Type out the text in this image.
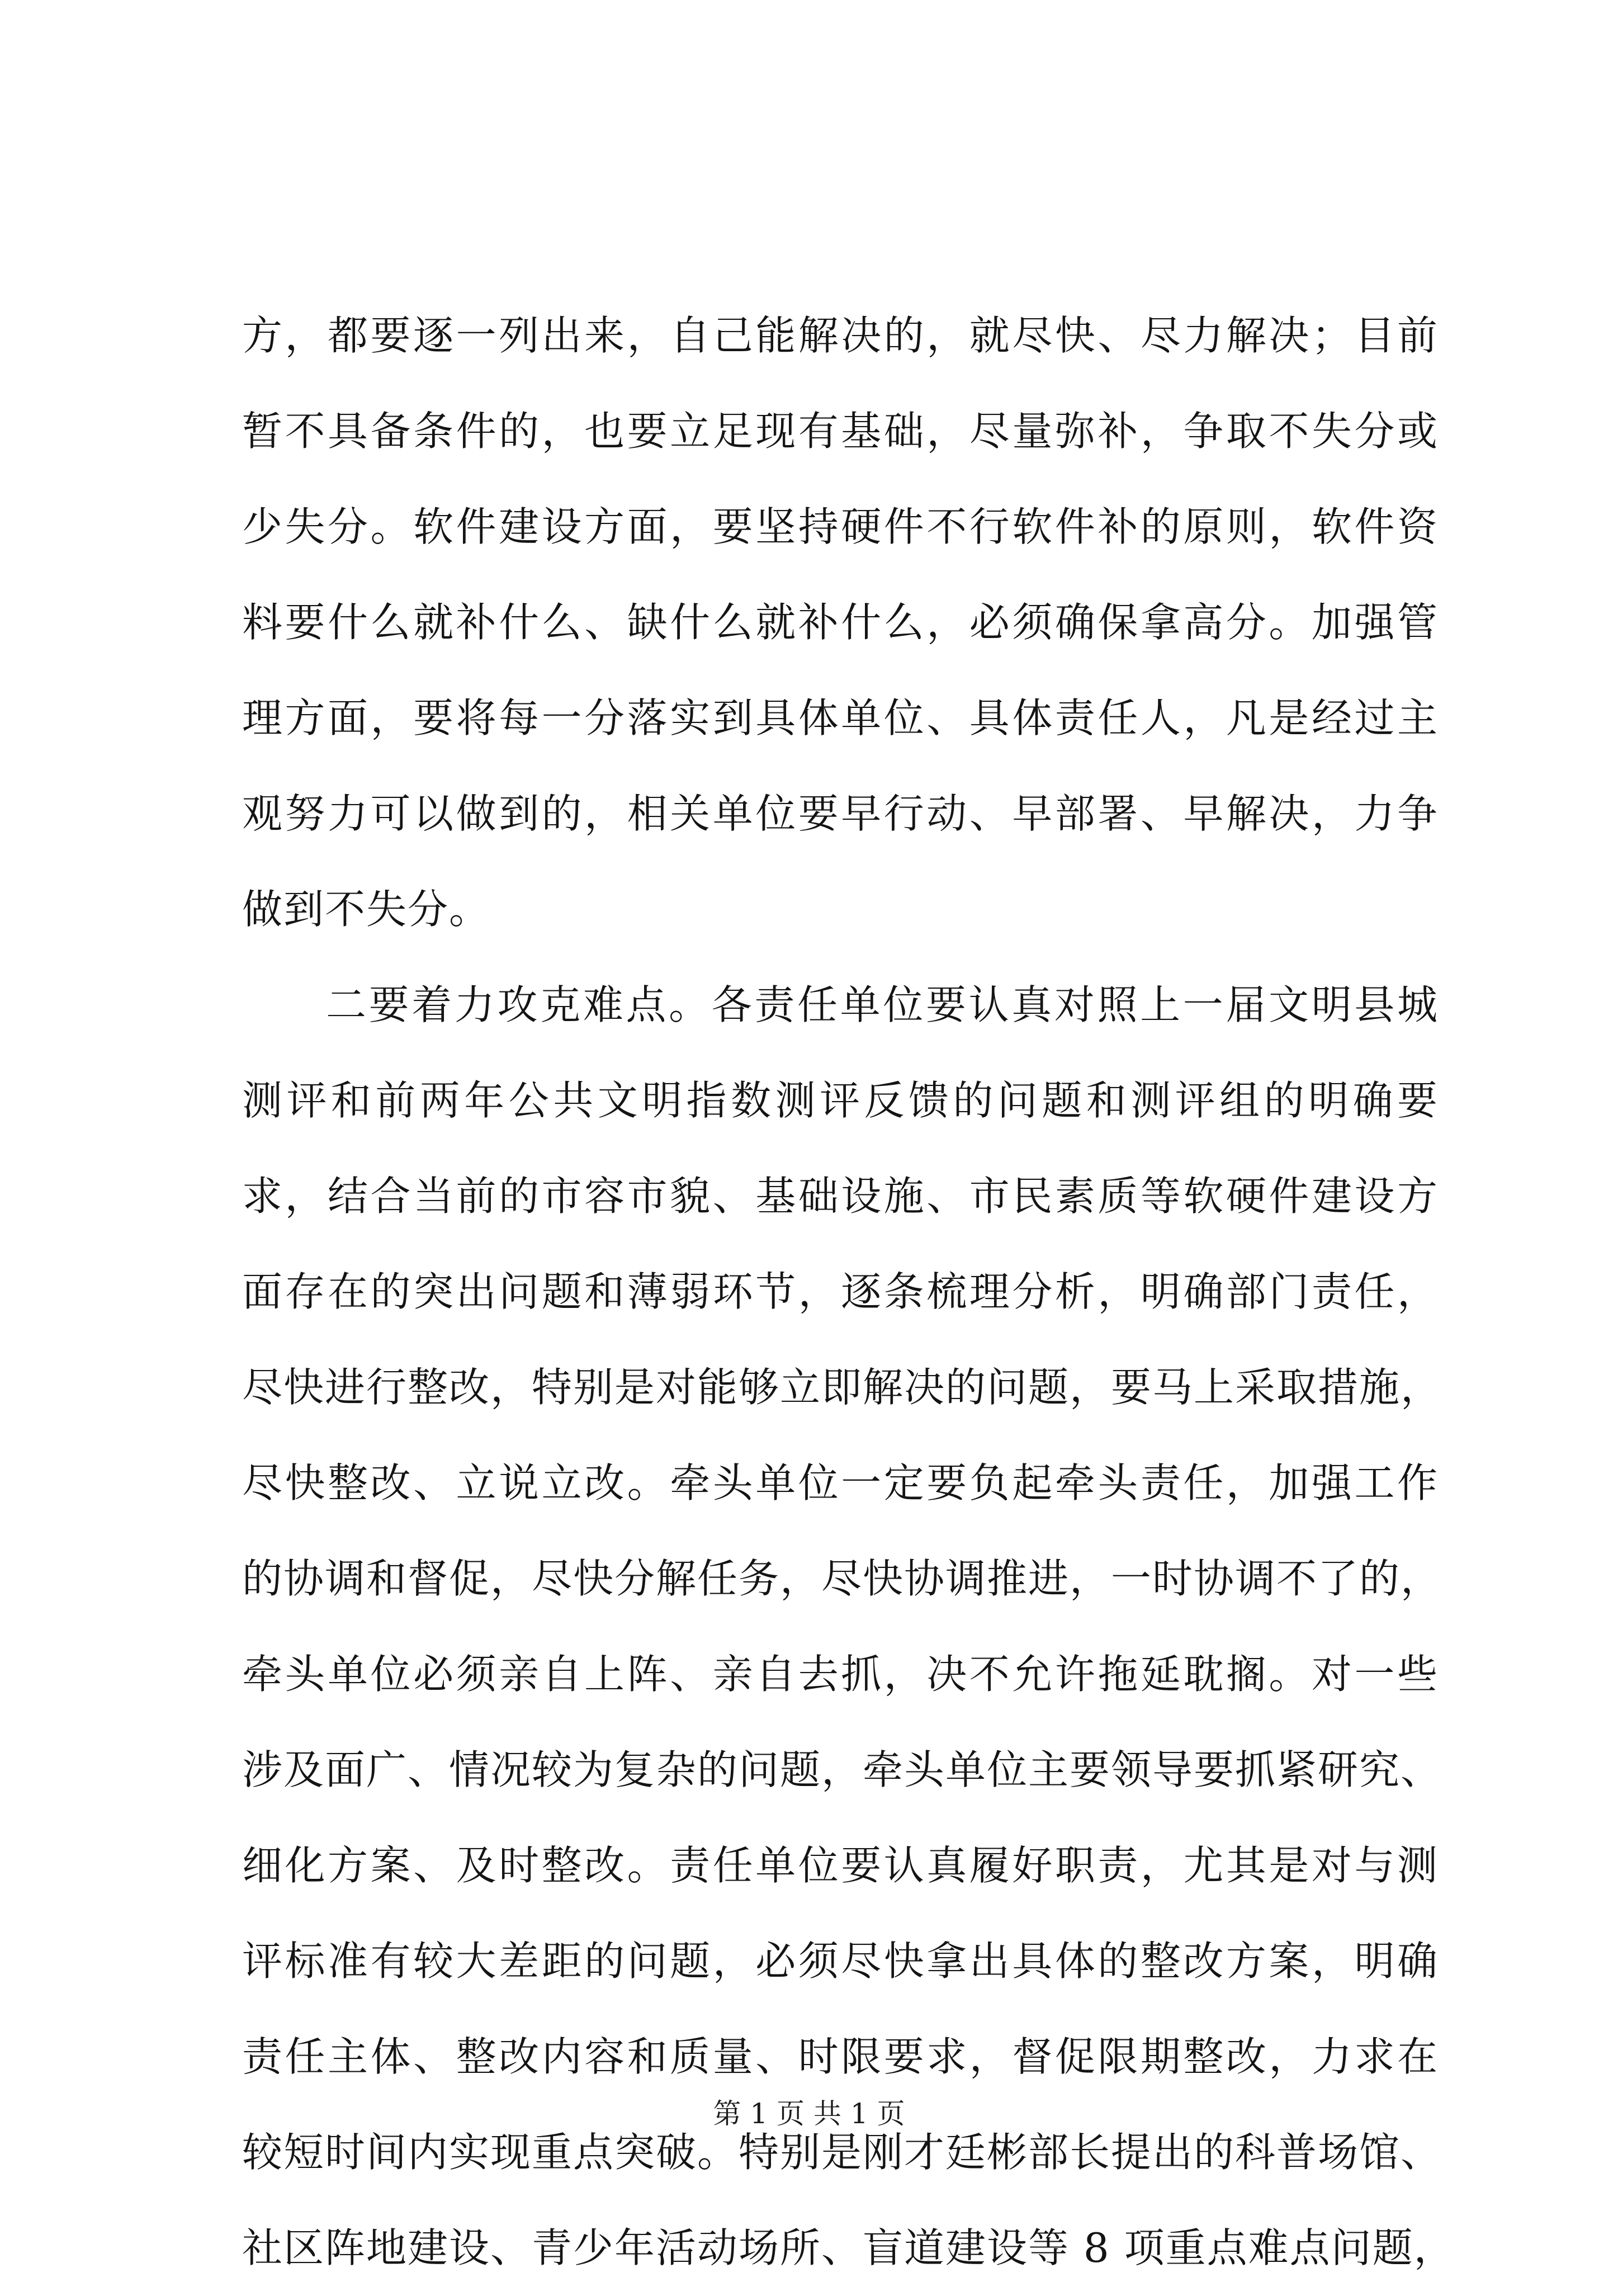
方，都要逐一列出来，自己能解决的，就尽快、尽力解决；目前
暂不具备条件的，也要立足现有基础，尽量弥补，争取不失分或
少失分。软件建设方面，要坚持硬件不行软件补的原则，软件资
料要什么就补什么、缺什么就补什么，必须确保拿高分。加强管
理方面，要将每一分落实到具体单位、具体责任人，凡是经过主
观努力可以做到的，相关单位要早行动、早部署、早解决，力争
做到不失分。
二要着力攻克难点。各责任单位要认真对照上一届文明县城
测评和前两年公共文明指数测评反馈的问题和测评组的明确要
求，结合当前的市容市貌、基础设施、市民素质等软硬件建设方
面存在的突出问题和薄弱环节，逐条梳理分析，明确部门责任，
尽快进行整改，特别是对能够立即解决的问题，要马上采取措施，
尽快整改、立说立改。牵头单位一定要负起牵头责任，加强工作
的协调和督促，尽快分解任务，尽快协调推进，一时协调不了的，
牵头单位必须亲自上阵、亲自去抓，决不允许拖延耽搁。对一些
涉及面广、情况较为复杂的问题，牵头单位主要领导要抓紧研究、
细化方案、及时整改。责任单位要认真履好职责，尤其是对与测
评标准有较大差距的问题，必须尽快拿出具体的整改方案，明确
责任主体、整改内容和质量、时限要求，督促限期整改，力求在
较短时间内实现重点突破。特别是刚才廷彬部长提出的科普场馆、
社区阵地建设、青少年活动场所、盲道建设等 8 项重点难点问题，
第 1 页 共 1 页
